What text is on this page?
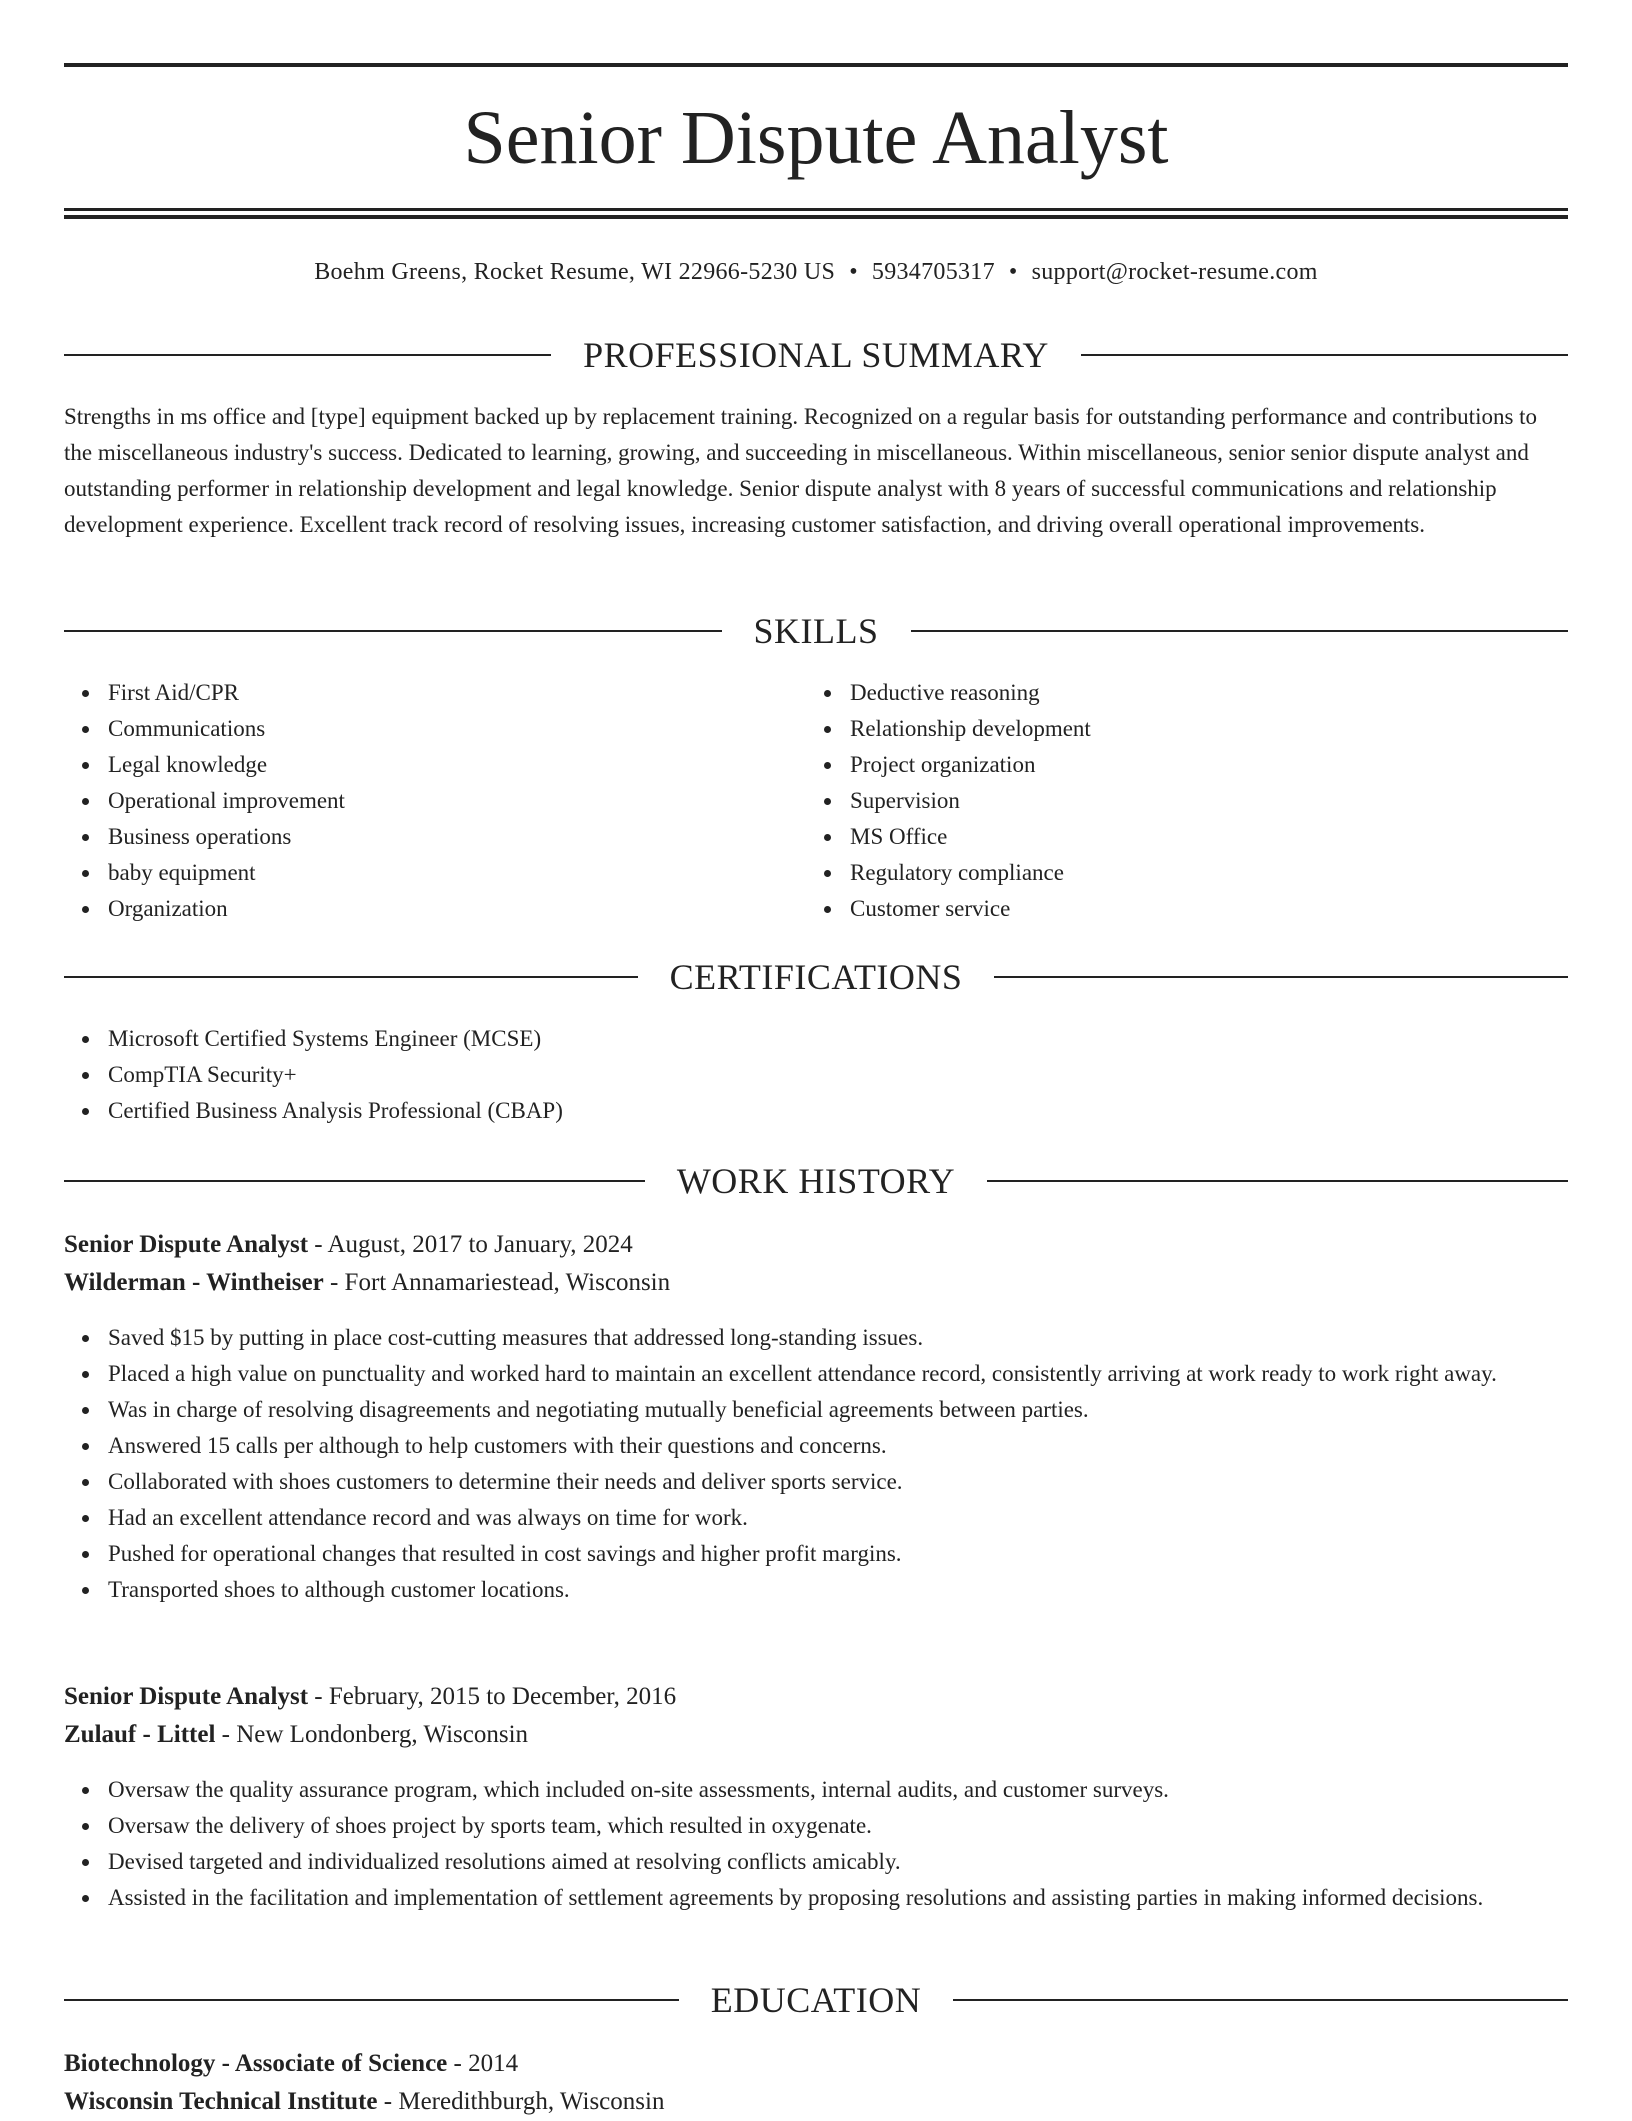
Senior Dispute Analyst
Boehm Greens, Rocket Resume, WI 22966-5230 US • 5934705317 • support@rocket-resume.com
PROFESSIONAL SUMMARY

Strengths in ms office and [type] equipment backed up by replacement training. Recognized on a regular basis for outstanding performance and contributions to the miscellaneous industry's success. Dedicated to learning, growing, and succeeding in miscellaneous. Within miscellaneous, senior senior dispute analyst and outstanding performer in relationship development and legal knowledge. Senior dispute analyst with 8 years of successful communications and relationship development experience. Excellent track record of resolving issues, increasing customer satisfaction, and driving overall operational improvements.

SKILLS
First Aid/CPR
Communications
Legal knowledge
Operational improvement
Business operations
baby equipment
Organization
Deductive reasoning
Relationship development
Project organization
Supervision
MS Office
Regulatory compliance
Customer service
CERTIFICATIONS
Microsoft Certified Systems Engineer (MCSE)
CompTIA Security+
Certified Business Analysis Professional (CBAP)
WORK HISTORY
Senior Dispute Analyst - August, 2017 to January, 2024
Wilderman - Wintheiser - Fort Annamariestead, Wisconsin
Saved $15 by putting in place cost-cutting measures that addressed long-standing issues.
Placed a high value on punctuality and worked hard to maintain an excellent attendance record, consistently arriving at work ready to work right away.
Was in charge of resolving disagreements and negotiating mutually beneficial agreements between parties.
Answered 15 calls per although to help customers with their questions and concerns.
Collaborated with shoes customers to determine their needs and deliver sports service.
Had an excellent attendance record and was always on time for work.
Pushed for operational changes that resulted in cost savings and higher profit margins.
Transported shoes to although customer locations.
Senior Dispute Analyst - February, 2015 to December, 2016
Zulauf - Littel - New Londonberg, Wisconsin
Oversaw the quality assurance program, which included on-site assessments, internal audits, and customer surveys.
Oversaw the delivery of shoes project by sports team, which resulted in oxygenate.
Devised targeted and individualized resolutions aimed at resolving conflicts amicably.
Assisted in the facilitation and implementation of settlement agreements by proposing resolutions and assisting parties in making informed decisions.
EDUCATION
Biotechnology - Associate of Science - 2014
Wisconsin Technical Institute - Meredithburgh, Wisconsin
